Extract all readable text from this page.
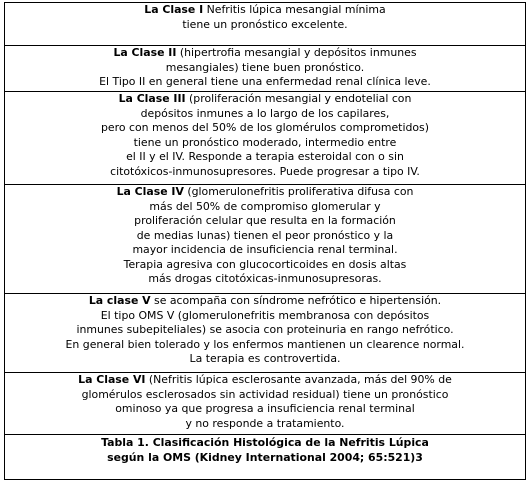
La Clase I Nefritis lúpica mesangial mínima
tiene un pronóstico excelente.
La Clase II (hipertrofia mesangial y depósitos inmunes
mesangiales) tiene buen pronóstico.
El Tipo II en general tiene una enfermedad renal clínica leve.
La Clase III (proliferación mesangial y endotelial con
depósitos inmunes a lo largo de los capilares,
pero con menos del 50% de los glomérulos comprometidos)
tiene un pronóstico moderado, intermedio entre
el II y el IV. Responde a terapia esteroidal con o sin
citotóxicos-inmunosupresores. Puede progresar a tipo IV.
La Clase IV (glomerulonefritis proliferativa difusa con
más del 50% de compromiso glomerular y
proliferación celular que resulta en la formación
de medias lunas) tienen el peor pronóstico y la
mayor incidencia de insuficiencia renal terminal.
Terapia agresiva con glucocorticoides en dosis altas
más drogas citotóxicas-inmunosupresoras.
La clase V se acompaña con síndrome nefrótico e hipertensión.
El tipo OMS V (glomerulonefritis membranosa con depósitos
inmunes subepiteliales) se asocia con proteinuria en rango nefrótico.
En general bien tolerado y los enfermos mantienen un clearence normal.
La terapia es controvertida.
La Clase VI (Nefritis lúpica esclerosante avanzada, más del 90% de
glomérulos esclerosados sin actividad residual) tiene un pronóstico
ominoso ya que progresa a insuficiencia renal terminal
y no responde a tratamiento.
Tabla 1. Clasificación Histológica de la Nefritis Lúpica
según la OMS (Kidney International 2004; 65:521)3
